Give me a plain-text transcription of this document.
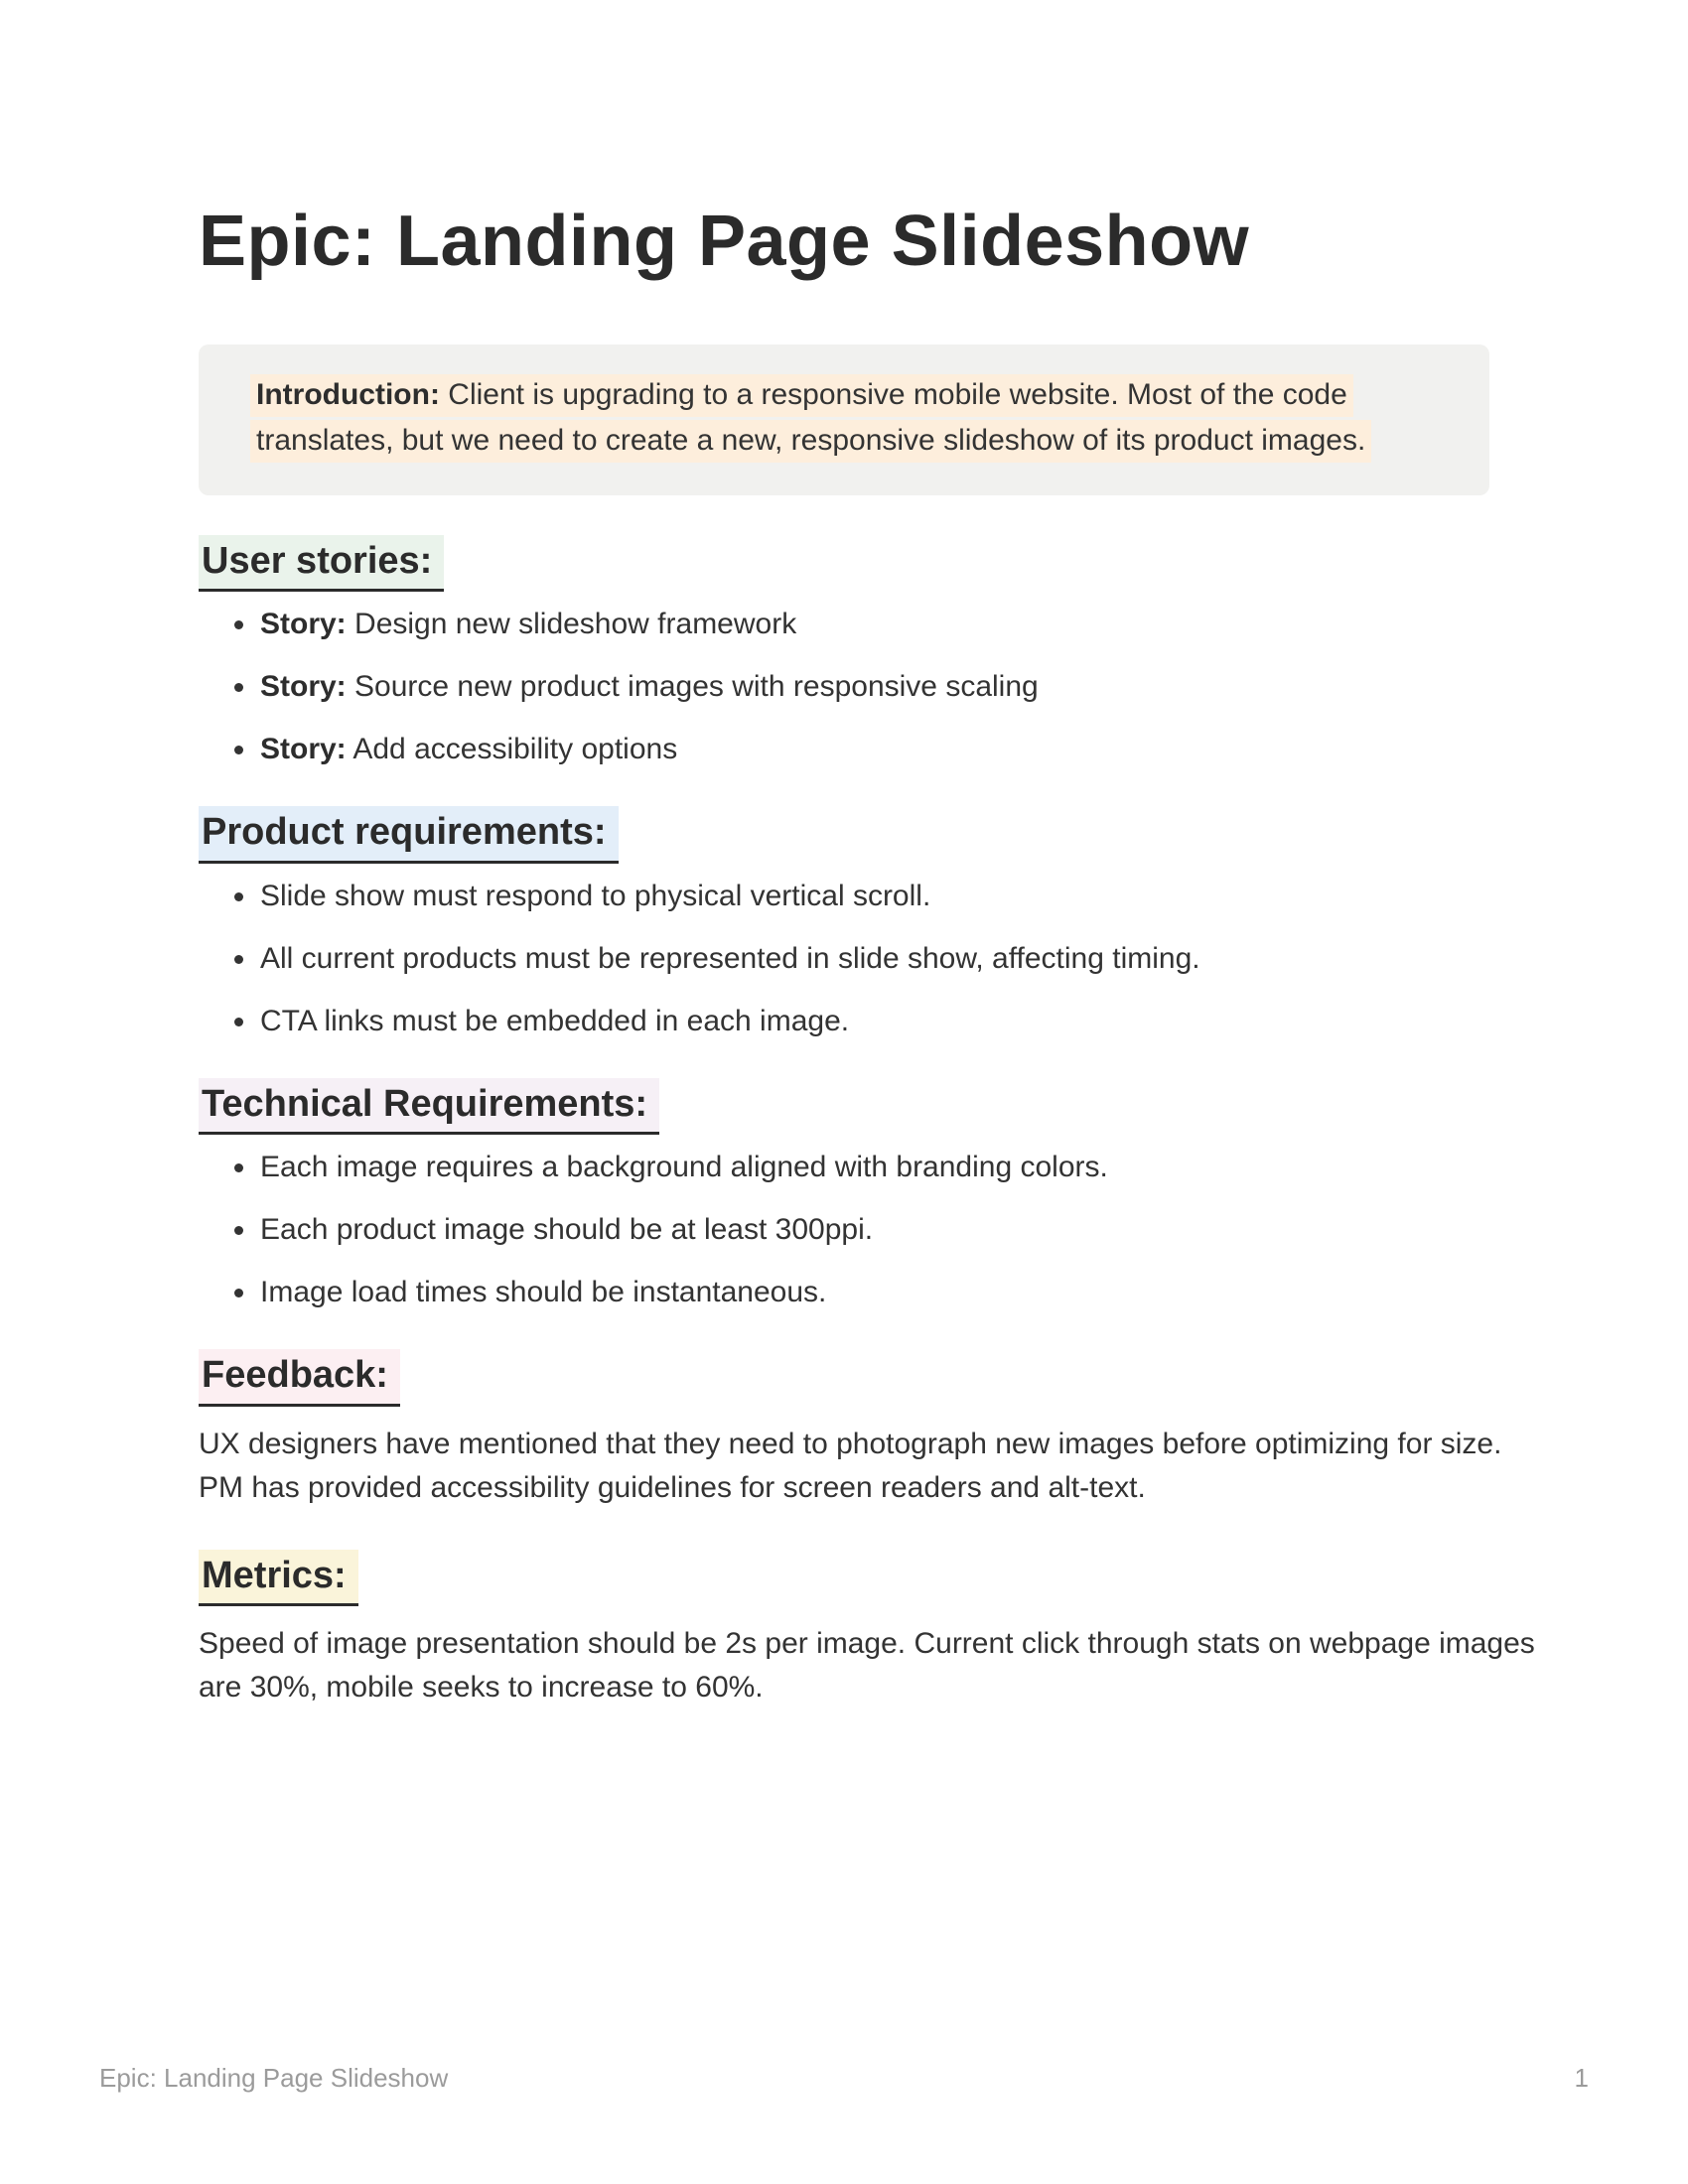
Epic: Landing Page Slideshow

Introduction: Client is upgrading to a responsive mobile website. Most of the code

translates, but we need to create a new, responsive slideshow of its product images.

User stories:
• Story: Design new slideshow framework
• Story: Source new product images with responsive scaling
• Story: Add accessibility options
Product requirements:
• Slide show must respond to physical vertical scroll.
• All current products must be represented in slide show, affecting timing.
• CTA links must be embedded in each image.
Technical Requirements:
• Each image requires a background aligned with branding colors.
• Each product image should be at least 300ppi.
• Image load times should be instantaneous.
Feedback:

UX designers have mentioned that they need to photograph new images before optimizing for size. PM has provided accessibility guidelines for screen readers and alt-text.

Metrics:

Speed of image presentation should be 2s per image. Current click through stats on webpage images are 30%, mobile seeks to increase to 60%.

Epic: Landing Page Slideshow	1
